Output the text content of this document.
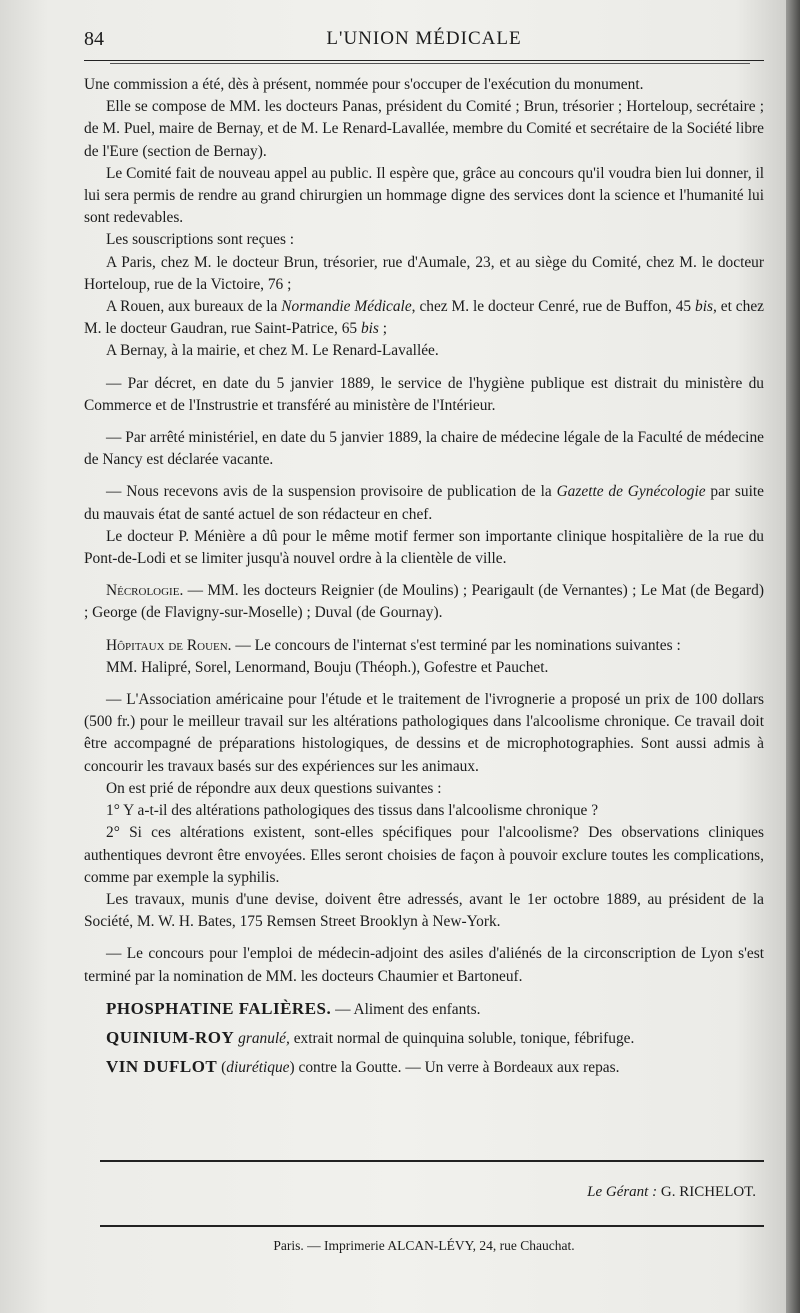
84	L'UNION MÉDICALE

Une commission a été, dès à présent, nommée pour s'occuper de l'exécution du monument.

Elle se compose de MM. les docteurs Panas, président du Comité ; Brun, trésorier ; Horteloup, secrétaire ; de M. Puel, maire de Bernay, et de M. Le Renard-Lavallée, membre du Comité et secrétaire de la Société libre de l'Eure (section de Bernay).

Le Comité fait de nouveau appel au public. Il espère que, grâce au concours qu'il voudra bien lui donner, il lui sera permis de rendre au grand chirurgien un hommage digne des services dont la science et l'humanité lui sont redevables.

Les souscriptions sont reçues :

A Paris, chez M. le docteur Brun, trésorier, rue d'Aumale, 23, et au siège du Comité, chez M. le docteur Horteloup, rue de la Victoire, 76 ;

A Rouen, aux bureaux de la Normandie Médicale, chez M. le docteur Cenré, rue de Buffon, 45 bis, et chez M. le docteur Gaudran, rue Saint-Patrice, 65 bis ;

A Bernay, à la mairie, et chez M. Le Renard-Lavallée.

— Par décret, en date du 5 janvier 1889, le service de l'hygiène publique est distrait du ministère du Commerce et de l'Instrustrie et transféré au ministère de l'Intérieur.

— Par arrêté ministériel, en date du 5 janvier 1889, la chaire de médecine légale de la Faculté de médecine de Nancy est déclarée vacante.

— Nous recevons avis de la suspension provisoire de publication de la Gazette de Gynécologie par suite du mauvais état de santé actuel de son rédacteur en chef.

Le docteur P. Ménière a dû pour le même motif fermer son importante clinique hospitalière de la rue du Pont-de-Lodi et se limiter jusqu'à nouvel ordre à la clientèle de ville.

Nécrologie. — MM. les docteurs Reignier (de Moulins) ; Pearigault (de Vernantes) ; Le Mat (de Begard) ; George (de Flavigny-sur-Moselle) ; Duval (de Gournay).

Hôpitaux de Rouen. — Le concours de l'internat s'est terminé par les nominations suivantes :

MM. Halipré, Sorel, Lenormand, Bouju (Théoph.), Gofestre et Pauchet.

— L'Association américaine pour l'étude et le traitement de l'ivrognerie a proposé un prix de 100 dollars (500 fr.) pour le meilleur travail sur les altérations pathologiques dans l'alcoolisme chronique. Ce travail doit être accompagné de préparations histologiques, de dessins et de microphotographies. Sont aussi admis à concourir les travaux basés sur des expériences sur les animaux.

On est prié de répondre aux deux questions suivantes :

1° Y a-t-il des altérations pathologiques des tissus dans l'alcoolisme chronique ?

2° Si ces altérations existent, sont-elles spécifiques pour l'alcoolisme? Des observations cliniques authentiques devront être envoyées. Elles seront choisies de façon à pouvoir exclure toutes les complications, comme par exemple la syphilis.

Les travaux, munis d'une devise, doivent être adressés, avant le 1er octobre 1889, au président de la Société, M. W. H. Bates, 175 Remsen Street Brooklyn à New-York.

— Le concours pour l'emploi de médecin-adjoint des asiles d'aliénés de la circonscription de Lyon s'est terminé par la nomination de MM. les docteurs Chaumier et Bartoneuf.

PHOSPHATINE FALIÈRES. — Aliment des enfants.

QUINIUM-ROY granulé, extrait normal de quinquina soluble, tonique, fébrifuge.

VIN DUFLOT (diurétique) contre la Goutte. — Un verre à Bordeaux aux repas.

Le Gérant : G. RICHELOT.
Paris. — Imprimerie ALCAN-LÉVY, 24, rue Chauchat.
